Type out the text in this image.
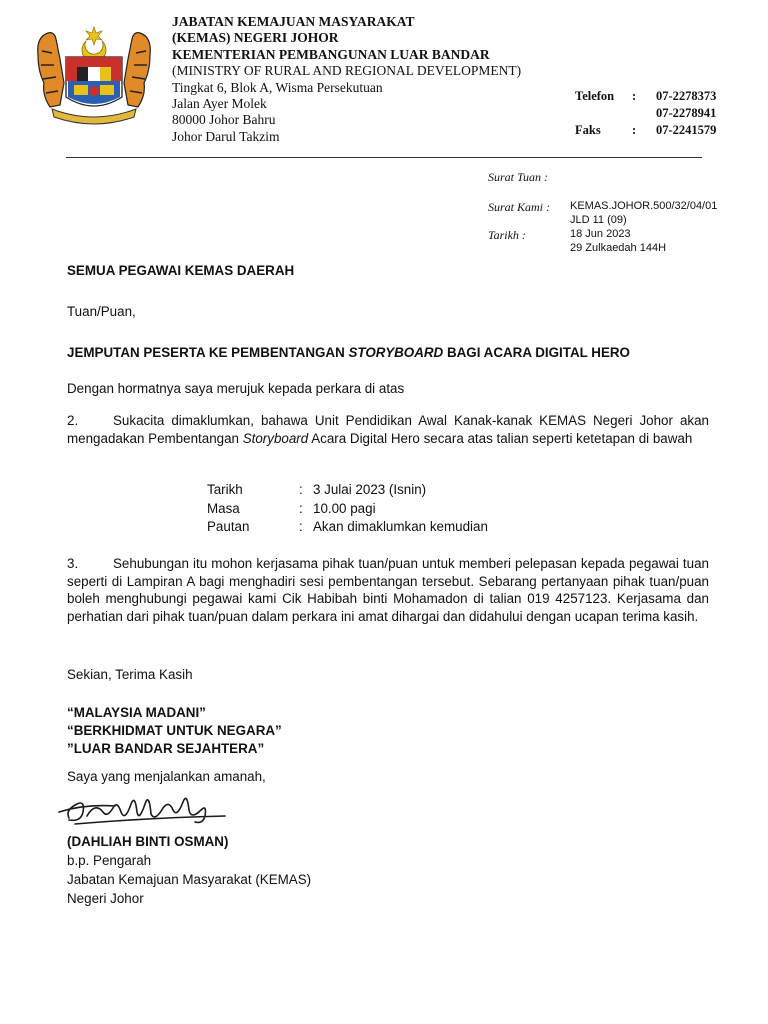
JABATAN KEMAJUAN MASYARAKAT
(KEMAS) NEGERI JOHOR
KEMENTERIAN PEMBANGUNAN LUAR BANDAR
(MINISTRY OF RURAL AND REGIONAL DEVELOPMENT)
Tingkat 6, Blok A, Wisma Persekutuan
Jalan Ayer Molek
80000 Johor Bahru
Johor Darul Takzim
Telefon	:	07-2278373
07-2278941
Faks	:	07-2241579
Surat Tuan :
Surat Kami : KEMAS.JOHOR.500/32/04/01
JLD 11 (09)
Tarikh :	18 Jun 2023
29 Zulkaedah 144H

SEMUA PEGAWAI KEMAS DAERAH

Tuan/Puan,

JEMPUTAN PESERTA KE PEMBENTANGAN STORYBOARD BAGI ACARA DIGITAL HERO

Dengan hormatnya saya merujuk kepada perkara di atas

2.	Sukacita dimaklumkan, bahawa Unit Pendidikan Awal Kanak-kanak KEMAS Negeri Johor akan mengadakan Pembentangan Storyboard Acara Digital Hero secara atas talian seperti ketetapan di bawah

Tarikh	: 3 Julai 2023 (Isnin)
Masa	: 10.00 pagi
Pautan	: Akan dimaklumkan kemudian

3.	Sehubungan itu mohon kerjasama pihak tuan/puan untuk memberi pelepasan kepada pegawai tuan seperti di Lampiran A bagi menghadiri sesi pembentangan tersebut. Sebarang pertanyaan pihak tuan/puan boleh menghubungi pegawai kami Cik Habibah binti Mohamadon di talian 019 4257123. Kerjasama dan perhatian dari pihak tuan/puan dalam perkara ini amat dihargai dan didahului dengan ucapan terima kasih.

Sekian, Terima Kasih

“MALAYSIA MADANI”

“BERKHIDMAT UNTUK NEGARA”

”LUAR BANDAR SEJAHTERA”

Saya yang menjalankan amanah,

(DAHLIAH BINTI OSMAN)

b.p. Pengarah

Jabatan Kemajuan Masyarakat (KEMAS)

Negeri Johor
